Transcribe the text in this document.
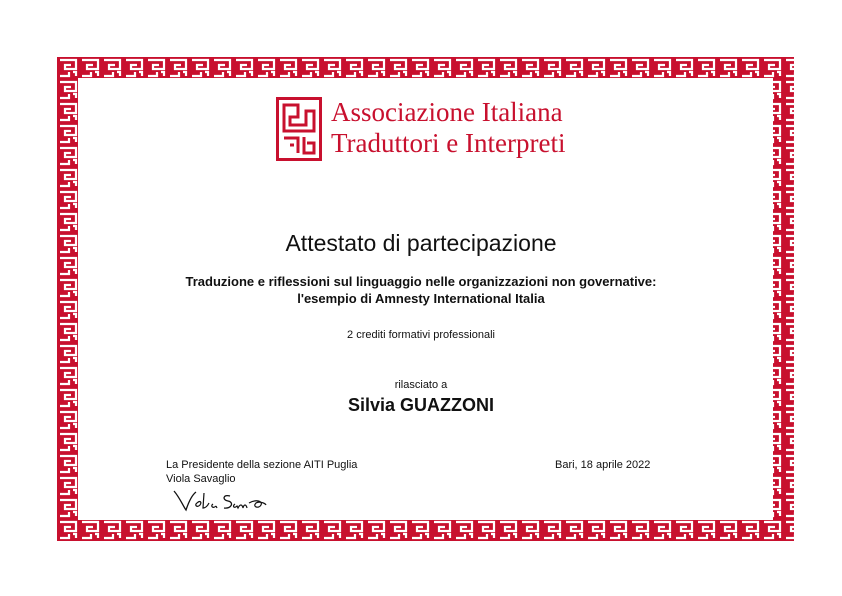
Associazione Italiana
Traduttori e Interpreti
Attestato di partecipazione
Traduzione e riflessioni sul linguaggio nelle organizzazioni non governative:
l'esempio di Amnesty International Italia
2 crediti formativi professionali
rilasciato a
Silvia GUAZZONI
La Presidente della sezione AITI Puglia
Viola Savaglio
Bari, 18 aprile 2022
